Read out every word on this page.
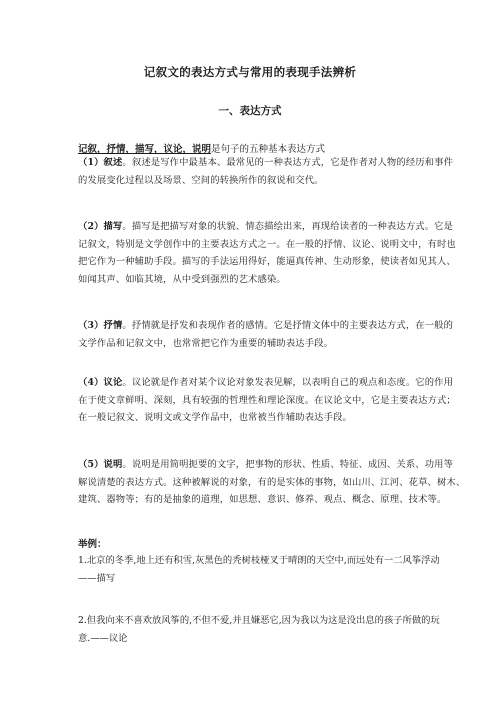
记叙文的表达方式与常用的表现手法辨析
一、表达方式
记叙，抒情，描写，议论，说明是句子的五种基本表达方式
（1）叙述。叙述是写作中最基本、最常见的一种表达方式，它是作者对人物的经历和事件
的发展变化过程以及场景、空间的转换所作的叙说和交代。
（2）描写。描写是把描写对象的状貌、情态描绘出来，再现给读者的一种表达方式。它是
记叙文，特别是文学创作中的主要表达方式之一。在一般的抒情、议论、说明文中，有时也
把它作为一种辅助手段。描写的手法运用得好，能逼真传神、生动形象，使读者如见其人、
如闻其声、如临其境，从中受到强烈的艺术感染。
（3）抒情。抒情就是抒发和表现作者的感情。它是抒情文体中的主要表达方式，在一般的
文学作品和记叙文中，也常常把它作为重要的辅助表达手段。
（4）议论。议论就是作者对某个议论对象发表见解，以表明自己的观点和态度。它的作用
在于使文章鲜明、深刻，具有较强的哲理性和理论深度。在议论文中，它是主要表达方式；
在一般记叙文、说明文或文学作品中，也常被当作辅助表达手段。
（5）说明。说明是用简明扼要的文字，把事物的形状、性质、特征、成因、关系、功用等
解说清楚的表达方式。这种被解说的对象，有的是实体的事物，如山川、江河、花草、树木、
建筑、器物等；有的是抽象的道理，如思想、意识、修养、观点、概念、原理、技术等。
举例：
1.北京的冬季,地上还有积雪,灰黑色的秃树枝桠叉于晴朗的天空中,而远处有一二风筝浮动
——描写
2.但我向来不喜欢放风筝的,不但不爱,并且嫌恶它,因为我以为这是没出息的孩子所做的玩
意.——议论
